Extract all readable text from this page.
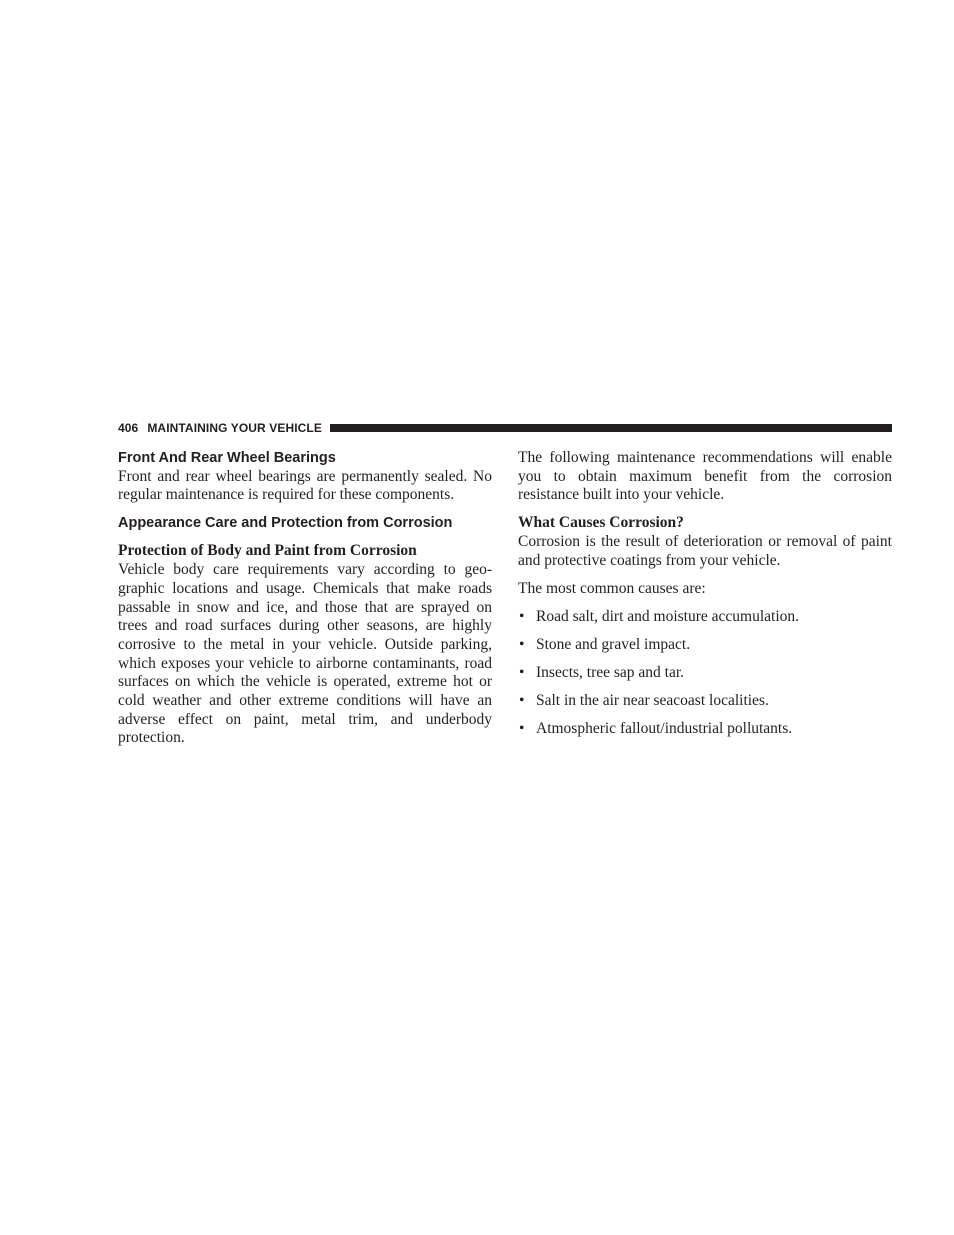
406 MAINTAINING YOUR VEHICLE
Front And Rear Wheel Bearings

Front and rear wheel bearings are permanently sealed. No regular maintenance is required for these components.

Appearance Care and Protection from Corrosion
Protection of Body and Paint from Corrosion

Vehicle body care requirements vary according to geographic locations and usage. Chemicals that make roads passable in snow and ice, and those that are sprayed on trees and road surfaces during other seasons, are highly corrosive to the metal in your vehicle. Outside parking, which exposes your vehicle to airborne contaminants, road surfaces on which the vehicle is operated, extreme hot or cold weather and other extreme conditions will have an adverse effect on paint, metal trim, and underbody protection.

The following maintenance recommendations will enable you to obtain maximum benefit from the corrosion resistance built into your vehicle.

What Causes Corrosion?

Corrosion is the result of deterioration or removal of paint and protective coatings from your vehicle.

The most common causes are:

• Road salt, dirt and moisture accumulation.
• Stone and gravel impact.
• Insects, tree sap and tar.
• Salt in the air near seacoast localities.
• Atmospheric fallout/industrial pollutants.
